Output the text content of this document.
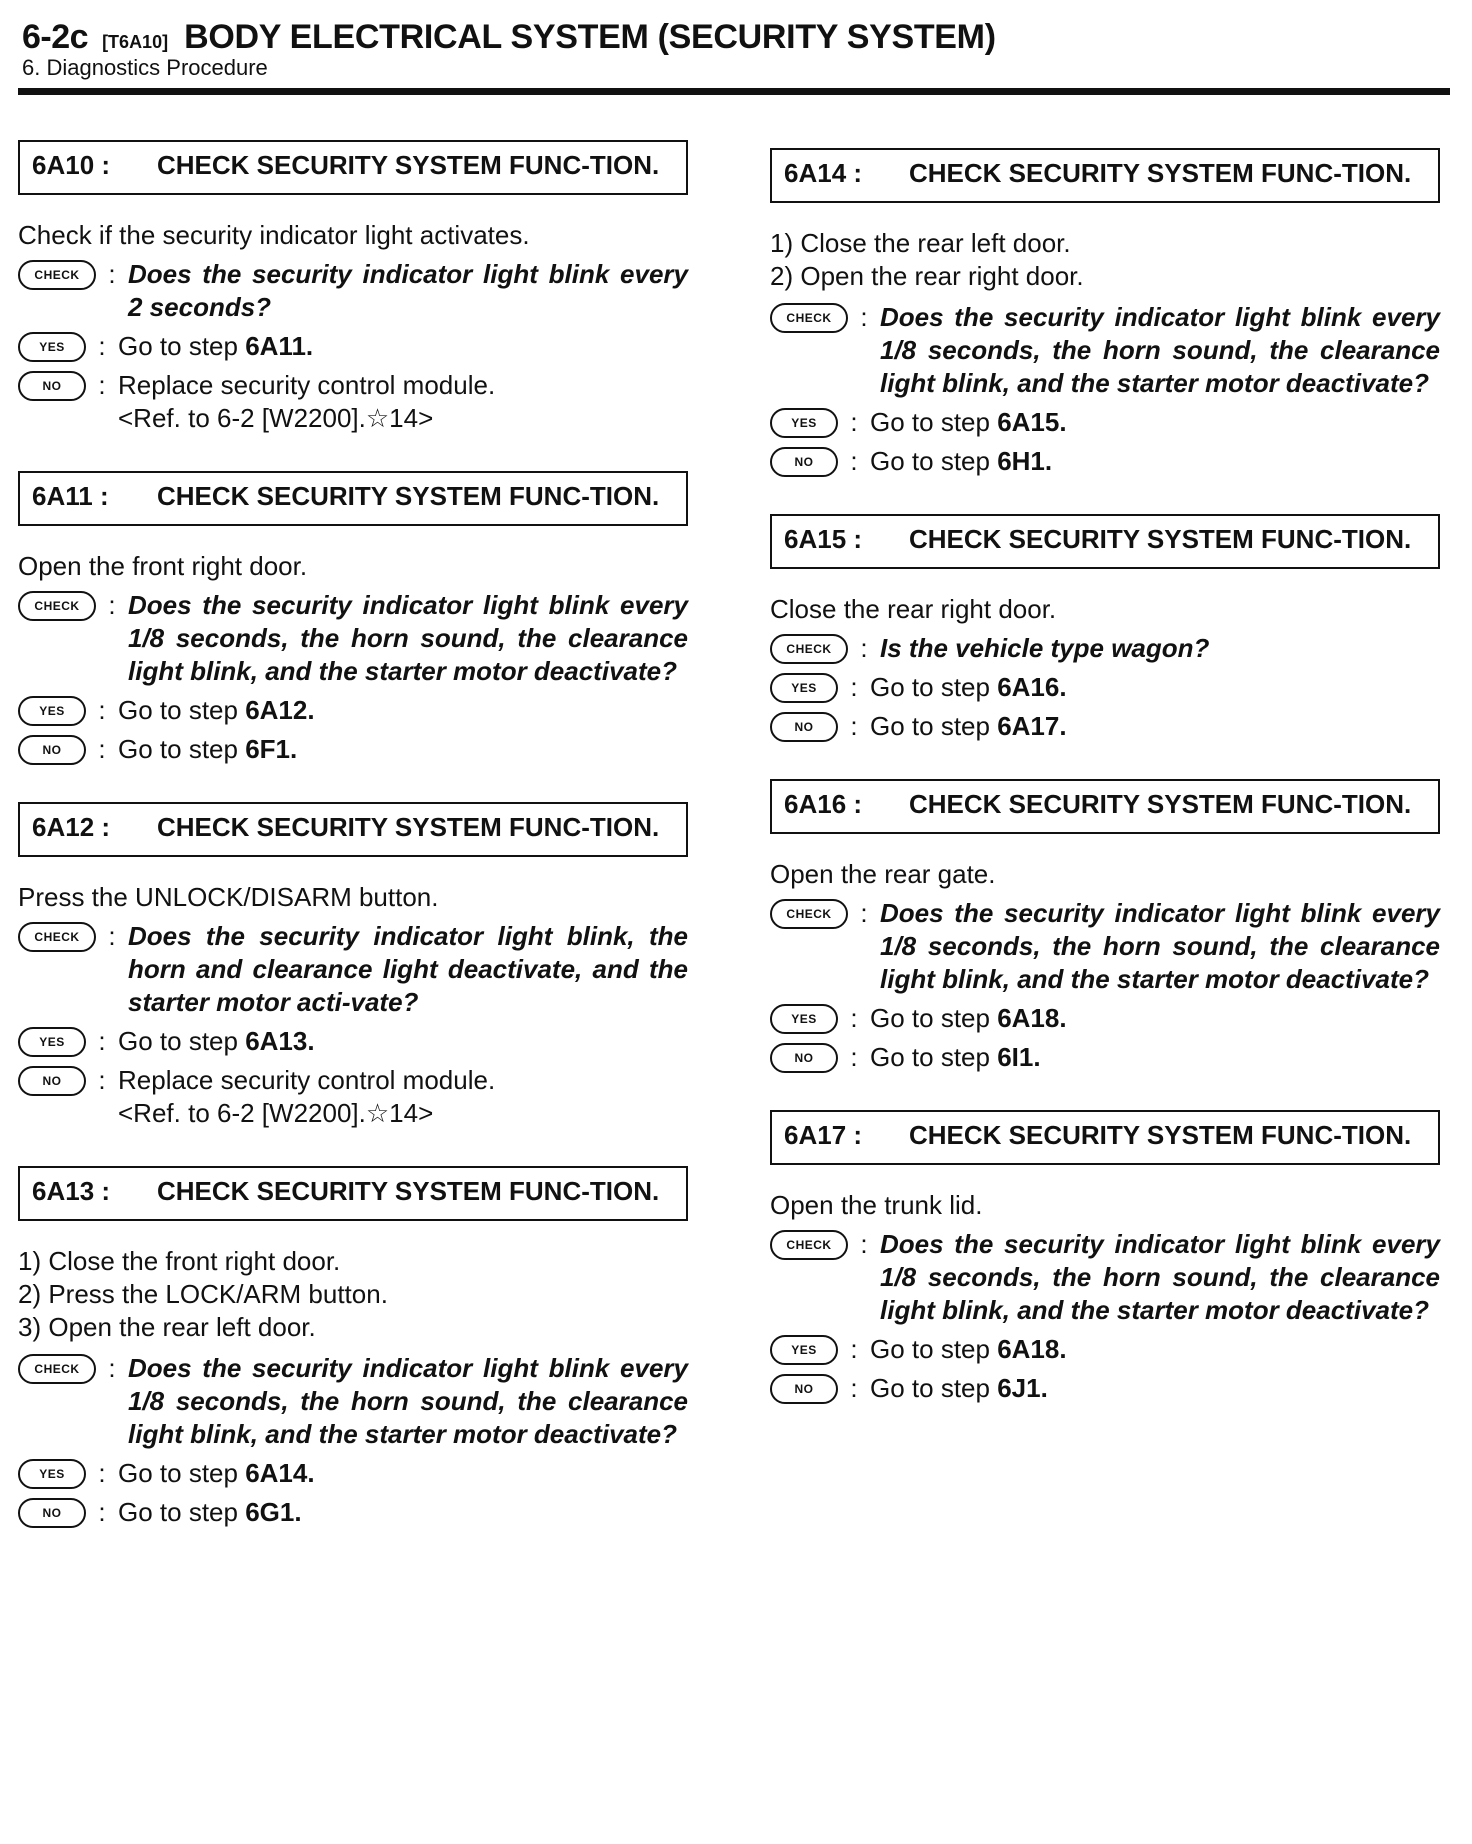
6-2c [T6A10] BODY ELECTRICAL SYSTEM (SECURITY SYSTEM)
6. Diagnostics Procedure
6A10 :	CHECK SECURITY SYSTEM FUNC-TION.

Check if the security indicator light activates.

CHECK	: Does the security indicator light blink every 2 seconds?
YES	: Go to step 6A11.
NO	: Replace security control module.
<Ref. to 6-2 [W2200].☆14>
6A11 :	CHECK SECURITY SYSTEM FUNC-TION.

Open the front right door.

CHECK	: Does the security indicator light blink every 1/8 seconds, the horn sound, the clearance light blink, and the starter motor deactivate?
YES	: Go to step 6A12.
NO	: Go to step 6F1.
6A12 :	CHECK SECURITY SYSTEM FUNC-TION.

Press the UNLOCK/DISARM button.

CHECK	: Does the security indicator light blink, the horn and clearance light deactivate, and the starter motor acti-vate?
YES	: Go to step 6A13.
NO	: Replace security control module.
<Ref. to 6-2 [W2200].☆14>
6A13 :	CHECK SECURITY SYSTEM FUNC-TION.
1) Close the front right door.
2) Press the LOCK/ARM button.
3) Open the rear left door.
CHECK	: Does the security indicator light blink every 1/8 seconds, the horn sound, the clearance light blink, and the starter motor deactivate?
YES	: Go to step 6A14.
NO	: Go to step 6G1.
6A14 :	CHECK SECURITY SYSTEM FUNC-TION.
1) Close the rear left door.
2) Open the rear right door.
CHECK	: Does the security indicator light blink every 1/8 seconds, the horn sound, the clearance light blink, and the starter motor deactivate?
YES	: Go to step 6A15.
NO	: Go to step 6H1.
6A15 :	CHECK SECURITY SYSTEM FUNC-TION.

Close the rear right door.

CHECK	: Is the vehicle type wagon?
YES	: Go to step 6A16.
NO	: Go to step 6A17.
6A16 :	CHECK SECURITY SYSTEM FUNC-TION.

Open the rear gate.

CHECK	: Does the security indicator light blink every 1/8 seconds, the horn sound, the clearance light blink, and the starter motor deactivate?
YES	: Go to step 6A18.
NO	: Go to step 6I1.
6A17 :	CHECK SECURITY SYSTEM FUNC-TION.

Open the trunk lid.

CHECK	: Does the security indicator light blink every 1/8 seconds, the horn sound, the clearance light blink, and the starter motor deactivate?
YES	: Go to step 6A18.
NO	: Go to step 6J1.
